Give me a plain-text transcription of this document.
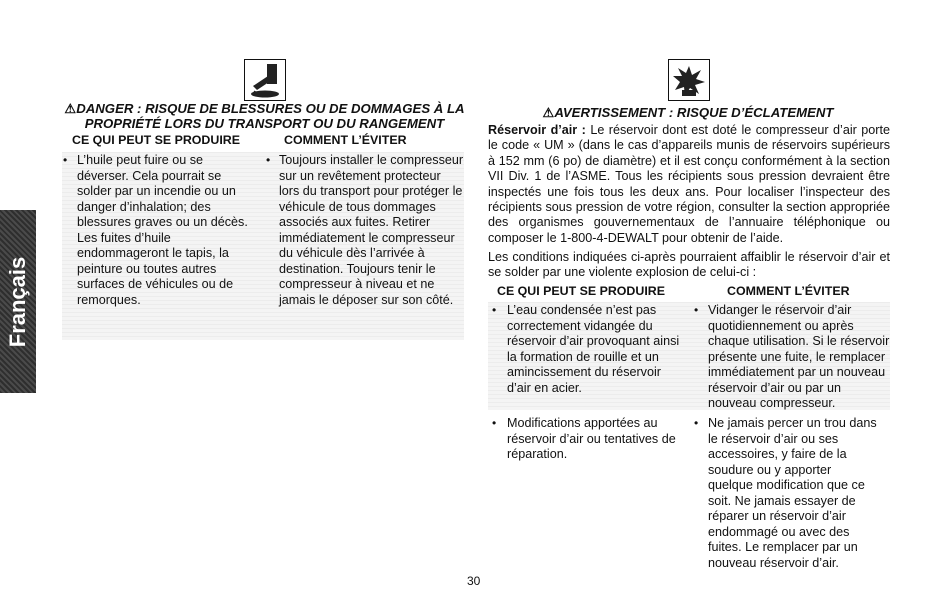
Français
⚠DANGER : RISQUE DE BLESSURES OU DE DOMMAGES À LA
PROPRIÉTÉ LORS DU TRANSPORT OU DU RANGEMENT
CE QUI PEUT SE PRODUIRE	COMMENT L’ÉVITER
• L’huile peut fuire ou se déverser. Cela pourrait se solder par un incendie ou un danger d’inhalation; des blessures graves ou un décès. Les fuites d’huile endommageront le tapis, la peinture ou toutes autres surfaces de véhicules ou de remorques.
• Toujours installer le compresseur sur un revêtement protecteur lors du transport pour protéger le véhicule de tous dommages associés aux fuites. Retirer immédiatement le compresseur du véhicule dès l’arrivée à destination. Toujours tenir le compresseur à niveau et ne jamais le déposer sur son côté.
⚠AVERTISSEMENT : RISQUE D’ÉCLATEMENT
Réservoir d’air : Le réservoir dont est doté le compresseur d’air porte le code « UM » (dans le cas d’appareils munis de réservoirs supérieurs à 152 mm (6 po) de diamètre) et il est conçu conformément à la section VII Div. 1 de l’ASME. Tous les récipients sous pression devraient être inspectés une fois tous les deux ans. Pour localiser l’inspecteur des récipients sous pression de votre région, consulter la section appropriée des organismes gouvernementaux de l’annuaire téléphonique ou composer le 1-800-4-DEWALT pour obtenir de l’aide.
Les conditions indiquées ci-après pourraient affaiblir le réservoir d’air et se solder par une violente explosion de celui-ci :
CE QUI PEUT SE PRODUIRE	COMMENT L’ÉVITER
• L’eau condensée n’est pas correctement vidangée du réservoir d’air provoquant ainsi la formation de rouille et un amincissement du réservoir d’air en acier.
• Vidanger le réservoir d’air quotidiennement ou après chaque utilisation. Si le réservoir présente une fuite, le remplacer immédiatement par un nouveau réservoir d’air ou par un nouveau compresseur.
• Modifications apportées au réservoir d’air ou tentatives de réparation.
• Ne jamais percer un trou dans le réservoir d’air ou ses accessoires, y faire de la soudure ou y apporter quelque modification que ce soit. Ne jamais essayer de réparer un réservoir d’air endommagé ou avec des fuites. Le remplacer par un nouveau réservoir d’air.
30
